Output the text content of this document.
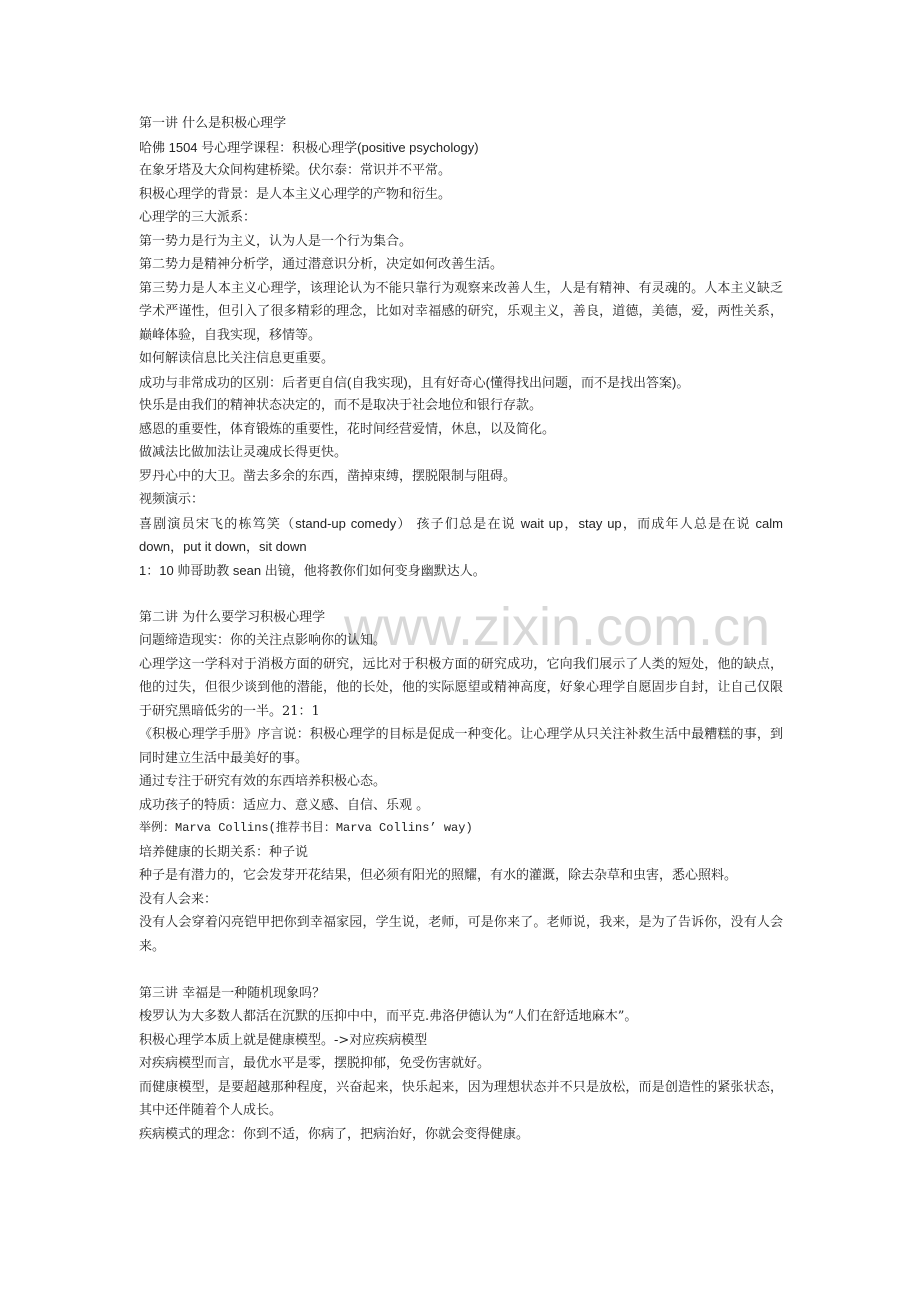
www.zixin.com.cn

第一讲 什么是积极心理学

哈佛 1504 号心理学课程：积极心理学(positive psychology)

在象牙塔及大众间构建桥梁。伏尔泰：常识并不平常。

积极心理学的背景：是人本主义心理学的产物和衍生。

心理学的三大派系：

第一势力是行为主义，认为人是一个行为集合。

第二势力是精神分析学，通过潜意识分析，决定如何改善生活。

第三势力是人本主义心理学，该理论认为不能只靠行为观察来改善人生，人是有精神、有灵魂的。人本主义缺乏学术严谨性，但引入了很多精彩的理念，比如对幸福感的研究，乐观主义，善良，道德，美德，爱，两性关系，巅峰体验，自我实现，移情等。

如何解读信息比关注信息更重要。

成功与非常成功的区别：后者更自信(自我实现)，且有好奇心(懂得找出问题，而不是找出答案)。

快乐是由我们的精神状态决定的，而不是取决于社会地位和银行存款。

感恩的重要性，体育锻炼的重要性，花时间经营爱情，休息，以及简化。

做减法比做加法让灵魂成长得更快。

罗丹心中的大卫。凿去多余的东西，凿掉束缚，摆脱限制与阻碍。

视频演示：

喜剧演员宋飞的栋笃笑（stand-up comedy） 孩子们总是在说 wait up，stay up，而成年人总是在说 calm down，put it down，sit down

1：10 帅哥助教 sean 出镜，他将教你们如何变身幽默达人。

第二讲 为什么要学习积极心理学

问题缔造现实：你的关注点影响你的认知。

心理学这一学科对于消极方面的研究，远比对于积极方面的研究成功，它向我们展示了人类的短处，他的缺点，他的过失，但很少谈到他的潜能，他的长处，他的实际愿望或精神高度，好象心理学自愿固步自封，让自己仅限于研究黑暗低劣的一半。21：1

《积极心理学手册》序言说：积极心理学的目标是促成一种变化。让心理学从只关注补救生活中最糟糕的事，到同时建立生活中最美好的事。

通过专注于研究有效的东西培养积极心态。

成功孩子的特质：适应力、意义感、自信、乐观 。

举例：Marva Collins(推荐书目：Marva Collins’ way)

培养健康的长期关系：种子说

种子是有潜力的，它会发芽开花结果，但必须有阳光的照耀，有水的灌溉，除去杂草和虫害，悉心照料。

没有人会来：

没有人会穿着闪亮铠甲把你到幸福家园，学生说，老师，可是你来了。老师说，我来，是为了告诉你，没有人会来。

第三讲 幸福是一种随机现象吗？

梭罗认为大多数人都活在沉默的压抑中中，而平克.弗洛伊德认为“人们在舒适地麻木”。

积极心理学本质上就是健康模型。->对应疾病模型

对疾病模型而言，最优水平是零，摆脱抑郁，免受伤害就好。

而健康模型，是要超越那种程度，兴奋起来，快乐起来，因为理想状态并不只是放松，而是创造性的紧张状态，其中还伴随着个人成长。

疾病模式的理念：你到不适，你病了，把病治好，你就会变得健康。
